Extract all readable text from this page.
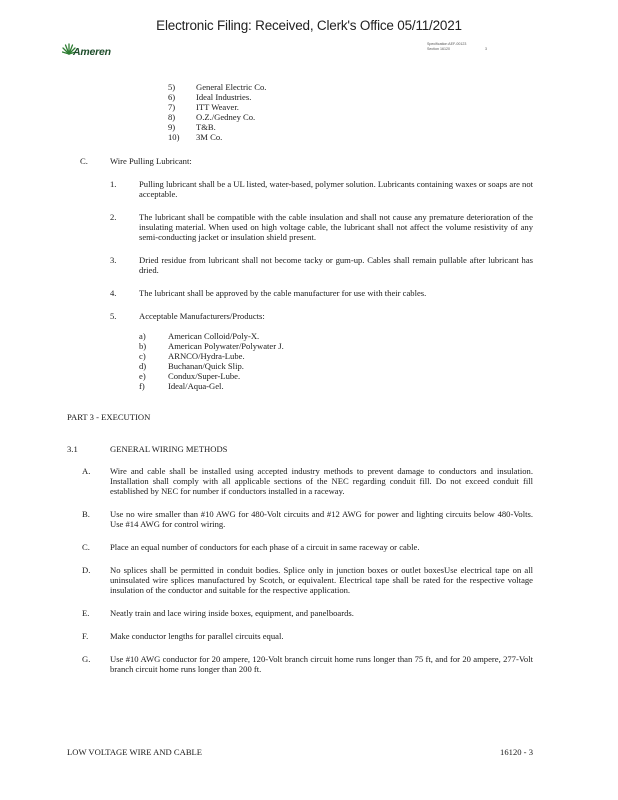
Electronic Filing: Received, Clerk's Office 05/11/2021
Ameren
Specification AEF-00123
Section 16120	3
5) General Electric Co.
6) Ideal Industries.
7) ITT Weaver.
8) O.Z./Gedney Co.
9) T&B.
10) 3M Co.
C.	Wire Pulling Lubricant:
1.	Pulling lubricant shall be a UL listed, water-based, polymer solution. Lubricants containing waxes or soaps are not acceptable.
2.	The lubricant shall be compatible with the cable insulation and shall not cause any premature deterioration of the insulating material. When used on high voltage cable, the lubricant shall not affect the volume resistivity of any semi-conducting jacket or insulation shield present.
3.	Dried residue from lubricant shall not become tacky or gum-up. Cables shall remain pullable after lubricant has dried.
4.	The lubricant shall be approved by the cable manufacturer for use with their cables.
5.	Acceptable Manufacturers/Products:
a)	American Colloid/Poly-X.
b)	American Polywater/Polywater J.
c)	ARNCO/Hydra-Lube.
d)	Buchanan/Quick Slip.
e)	Condux/Super-Lube.
f)	Ideal/Aqua-Gel.
PART 3 - EXECUTION
3.1	GENERAL WIRING METHODS
A. Wire and cable shall be installed using accepted industry methods to prevent damage to conductors and insulation. Installation shall comply with all applicable sections of the NEC regarding conduit fill. Do not exceed conduit fill established by NEC for number if conductors installed in a raceway.
B. Use no wire smaller than #10 AWG for 480-Volt circuits and #12 AWG for power and lighting circuits below 480-Volts. Use #14 AWG for control wiring.
C. Place an equal number of conductors for each phase of a circuit in same raceway or cable.
D. No splices shall be permitted in conduit bodies. Splice only in junction boxes or outlet boxesUse electrical tape on all uninsulated wire splices manufactured by Scotch, or equivalent. Electrical tape shall be rated for the respective voltage insulation of the conductor and suitable for the respective application.
E. Neatly train and lace wiring inside boxes, equipment, and panelboards.
F.	Make conductor lengths for parallel circuits equal.
G. Use #10 AWG conductor for 20 ampere, 120-Volt branch circuit home runs longer than 75 ft, and for 20 ampere, 277-Volt branch circuit home runs longer than 200 ft.
LOW VOLTAGE WIRE AND CABLE	16120 - 3
